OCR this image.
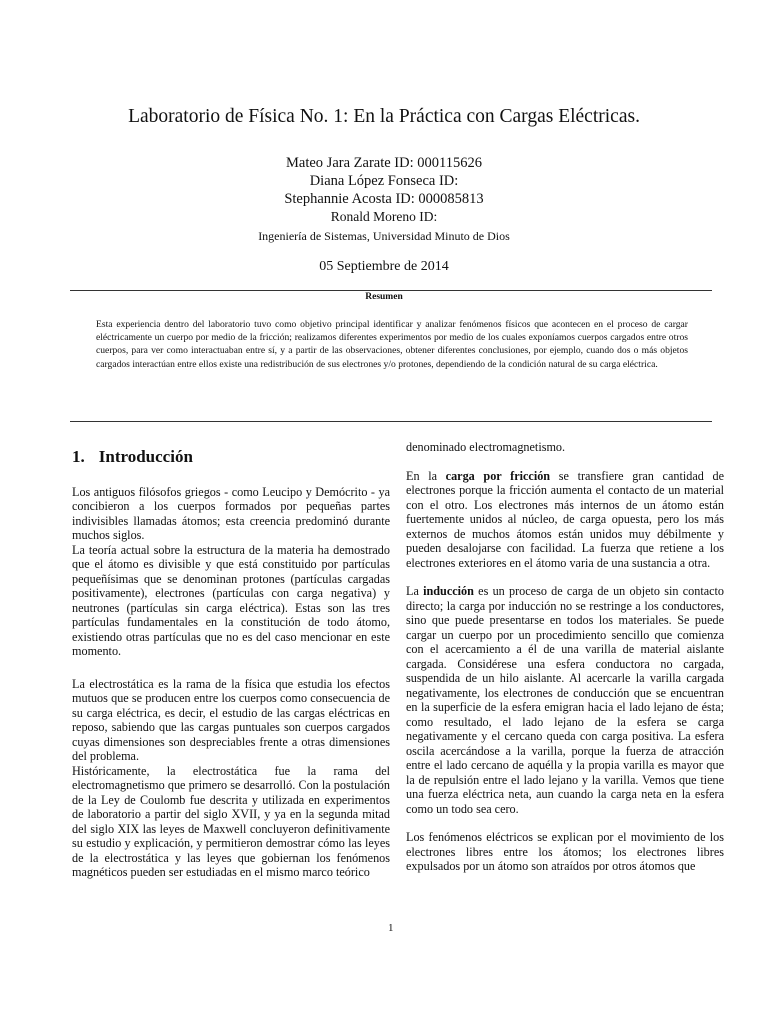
Laboratorio de Física No. 1: En la Práctica con Cargas Eléctricas.
Mateo Jara Zarate ID: 000115626
Diana López Fonseca ID:
Stephannie Acosta ID: 000085813
Ronald Moreno ID:
Ingeniería de Sistemas, Universidad Minuto de Dios
05 Septiembre de 2014
Resumen

Esta experiencia dentro del laboratorio tuvo como objetivo principal identificar y analizar fenómenos físicos que acontecen en el proceso de cargar eléctricamente un cuerpo por medio de la fricción; realizamos diferentes experimentos por medio de los cuales exponíamos cuerpos cargados entre otros cuerpos, para ver como interactuaban entre sí, y a partir de las observaciones, obtener diferentes conclusiones, por ejemplo, cuando dos o más objetos cargados interactúan entre ellos existe una redistribución de sus electrones y/o protones, dependiendo de la condición natural de su carga eléctrica.

1. Introducción

Los antiguos filósofos griegos - como Leucipo y Demócrito - ya concibieron a los cuerpos formados por pequeñas partes indivisibles llamadas átomos; esta creencia predominó durante muchos siglos.

La teoría actual sobre la estructura de la materia ha demostrado que el átomo es divisible y que está constituido por partículas pequeñísimas que se denominan protones (partículas cargadas positivamente), electrones (partículas con carga negativa) y neutrones (partículas sin carga eléctrica). Estas son las tres partículas fundamentales en la constitución de todo átomo, existiendo otras partículas que no es del caso mencionar en este momento.

La electrostática es la rama de la física que estudia los efectos mutuos que se producen entre los cuerpos como consecuencia de su carga eléctrica, es decir, el estudio de las cargas eléctricas en reposo, sabiendo que las cargas puntuales son cuerpos cargados cuyas dimensiones son despreciables frente a otras dimensiones del problema.

Históricamente, la electrostática fue la rama del electromagnetismo que primero se desarrolló. Con la postulación de la Ley de Coulomb fue descrita y utilizada en experimentos de laboratorio a partir del siglo XVII, y ya en la segunda mitad del siglo XIX las leyes de Maxwell concluyeron definitivamente su estudio y explicación, y permitieron demostrar cómo las leyes de la electrostática y las leyes que gobiernan los fenómenos magnéticos pueden ser estudiadas en el mismo marco teórico

denominado electromagnetismo.

En la carga por fricción se transfiere gran cantidad de electrones porque la fricción aumenta el contacto de un material con el otro. Los electrones más internos de un átomo están fuertemente unidos al núcleo, de carga opuesta, pero los más externos de muchos átomos están unidos muy débilmente y pueden desalojarse con facilidad. La fuerza que retiene a los electrones exteriores en el átomo varia de una sustancia a otra.

La inducción es un proceso de carga de un objeto sin contacto directo; la carga por inducción no se restringe a los conductores, sino que puede presentarse en todos los materiales. Se puede cargar un cuerpo por un procedimiento sencillo que comienza con el acercamiento a él de una varilla de material aislante cargada. Considérese una esfera conductora no cargada, suspendida de un hilo aislante. Al acercarle la varilla cargada negativamente, los electrones de conducción que se encuentran en la superficie de la esfera emigran hacia el lado lejano de ésta; como resultado, el lado lejano de la esfera se carga negativamente y el cercano queda con carga positiva. La esfera oscila acercándose a la varilla, porque la fuerza de atracción entre el lado cercano de aquélla y la propia varilla es mayor que la de repulsión entre el lado lejano y la varilla. Vemos que tiene una fuerza eléctrica neta, aun cuando la carga neta en la esfera como un todo sea cero.

Los fenómenos eléctricos se explican por el movimiento de los electrones libres entre los átomos; los electrones libres expulsados por un átomo son atraídos por otros átomos que

1
